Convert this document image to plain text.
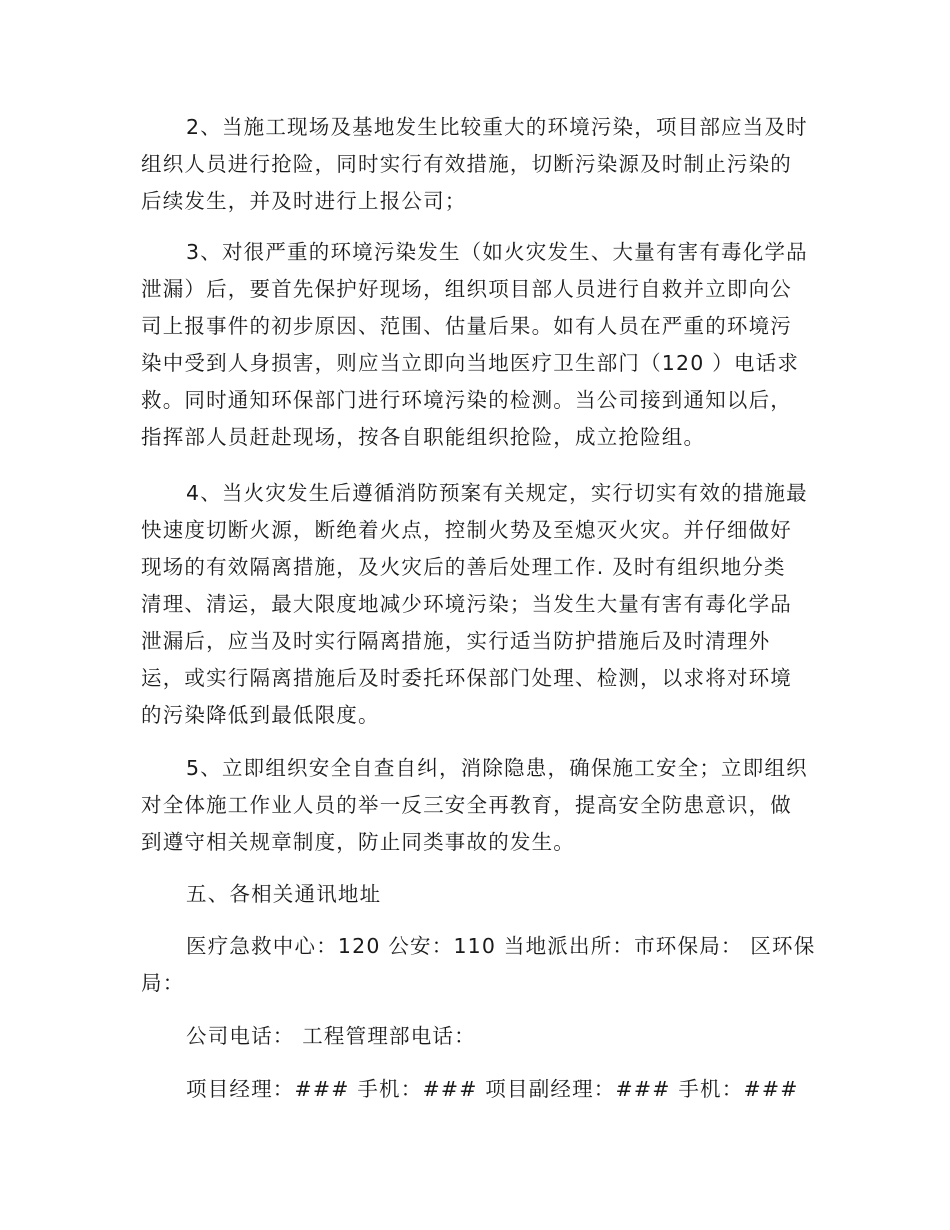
2、当施工现场及基地发生比较重大的环境污染，项目部应当及时
组织人员进行抢险，同时实行有效措施，切断污染源及时制止污染的
后续发生，并及时进行上报公司；
3、对很严重的环境污染发生（如火灾发生、大量有害有毒化学品
泄漏）后，要首先保护好现场，组织项目部人员进行自救并立即向公
司上报事件的初步原因、范围、估量后果。如有人员在严重的环境污
染中受到人身损害，则应当立即向当地医疗卫生部门（120 ）电话求
救。同时通知环保部门进行环境污染的检测。当公司接到通知以后，
指挥部人员赶赴现场，按各自职能组织抢险，成立抢险组。
4、当火灾发生后遵循消防预案有关规定，实行切实有效的措施最
快速度切断火源，断绝着火点，控制火势及至熄灭火灾。并仔细做好
现场的有效隔离措施，及火灾后的善后处理工作. 及时有组织地分类
清理、清运，最大限度地减少环境污染；当发生大量有害有毒化学品
泄漏后，应当及时实行隔离措施，实行适当防护措施后及时清理外
运，或实行隔离措施后及时委托环保部门处理、检测，以求将对环境
的污染降低到最低限度。
5、立即组织安全自查自纠，消除隐患，确保施工安全；立即组织
对全体施工作业人员的举一反三安全再教育，提高安全防患意识，做
到遵守相关规章制度，防止同类事故的发生。
五、各相关通讯地址
医疗急救中心：120 公安：110 当地派出所：市环保局： 区环保
局：
公司电话： 工程管理部电话：
项目经理：### 手机：### 项目副经理：### 手机：###
